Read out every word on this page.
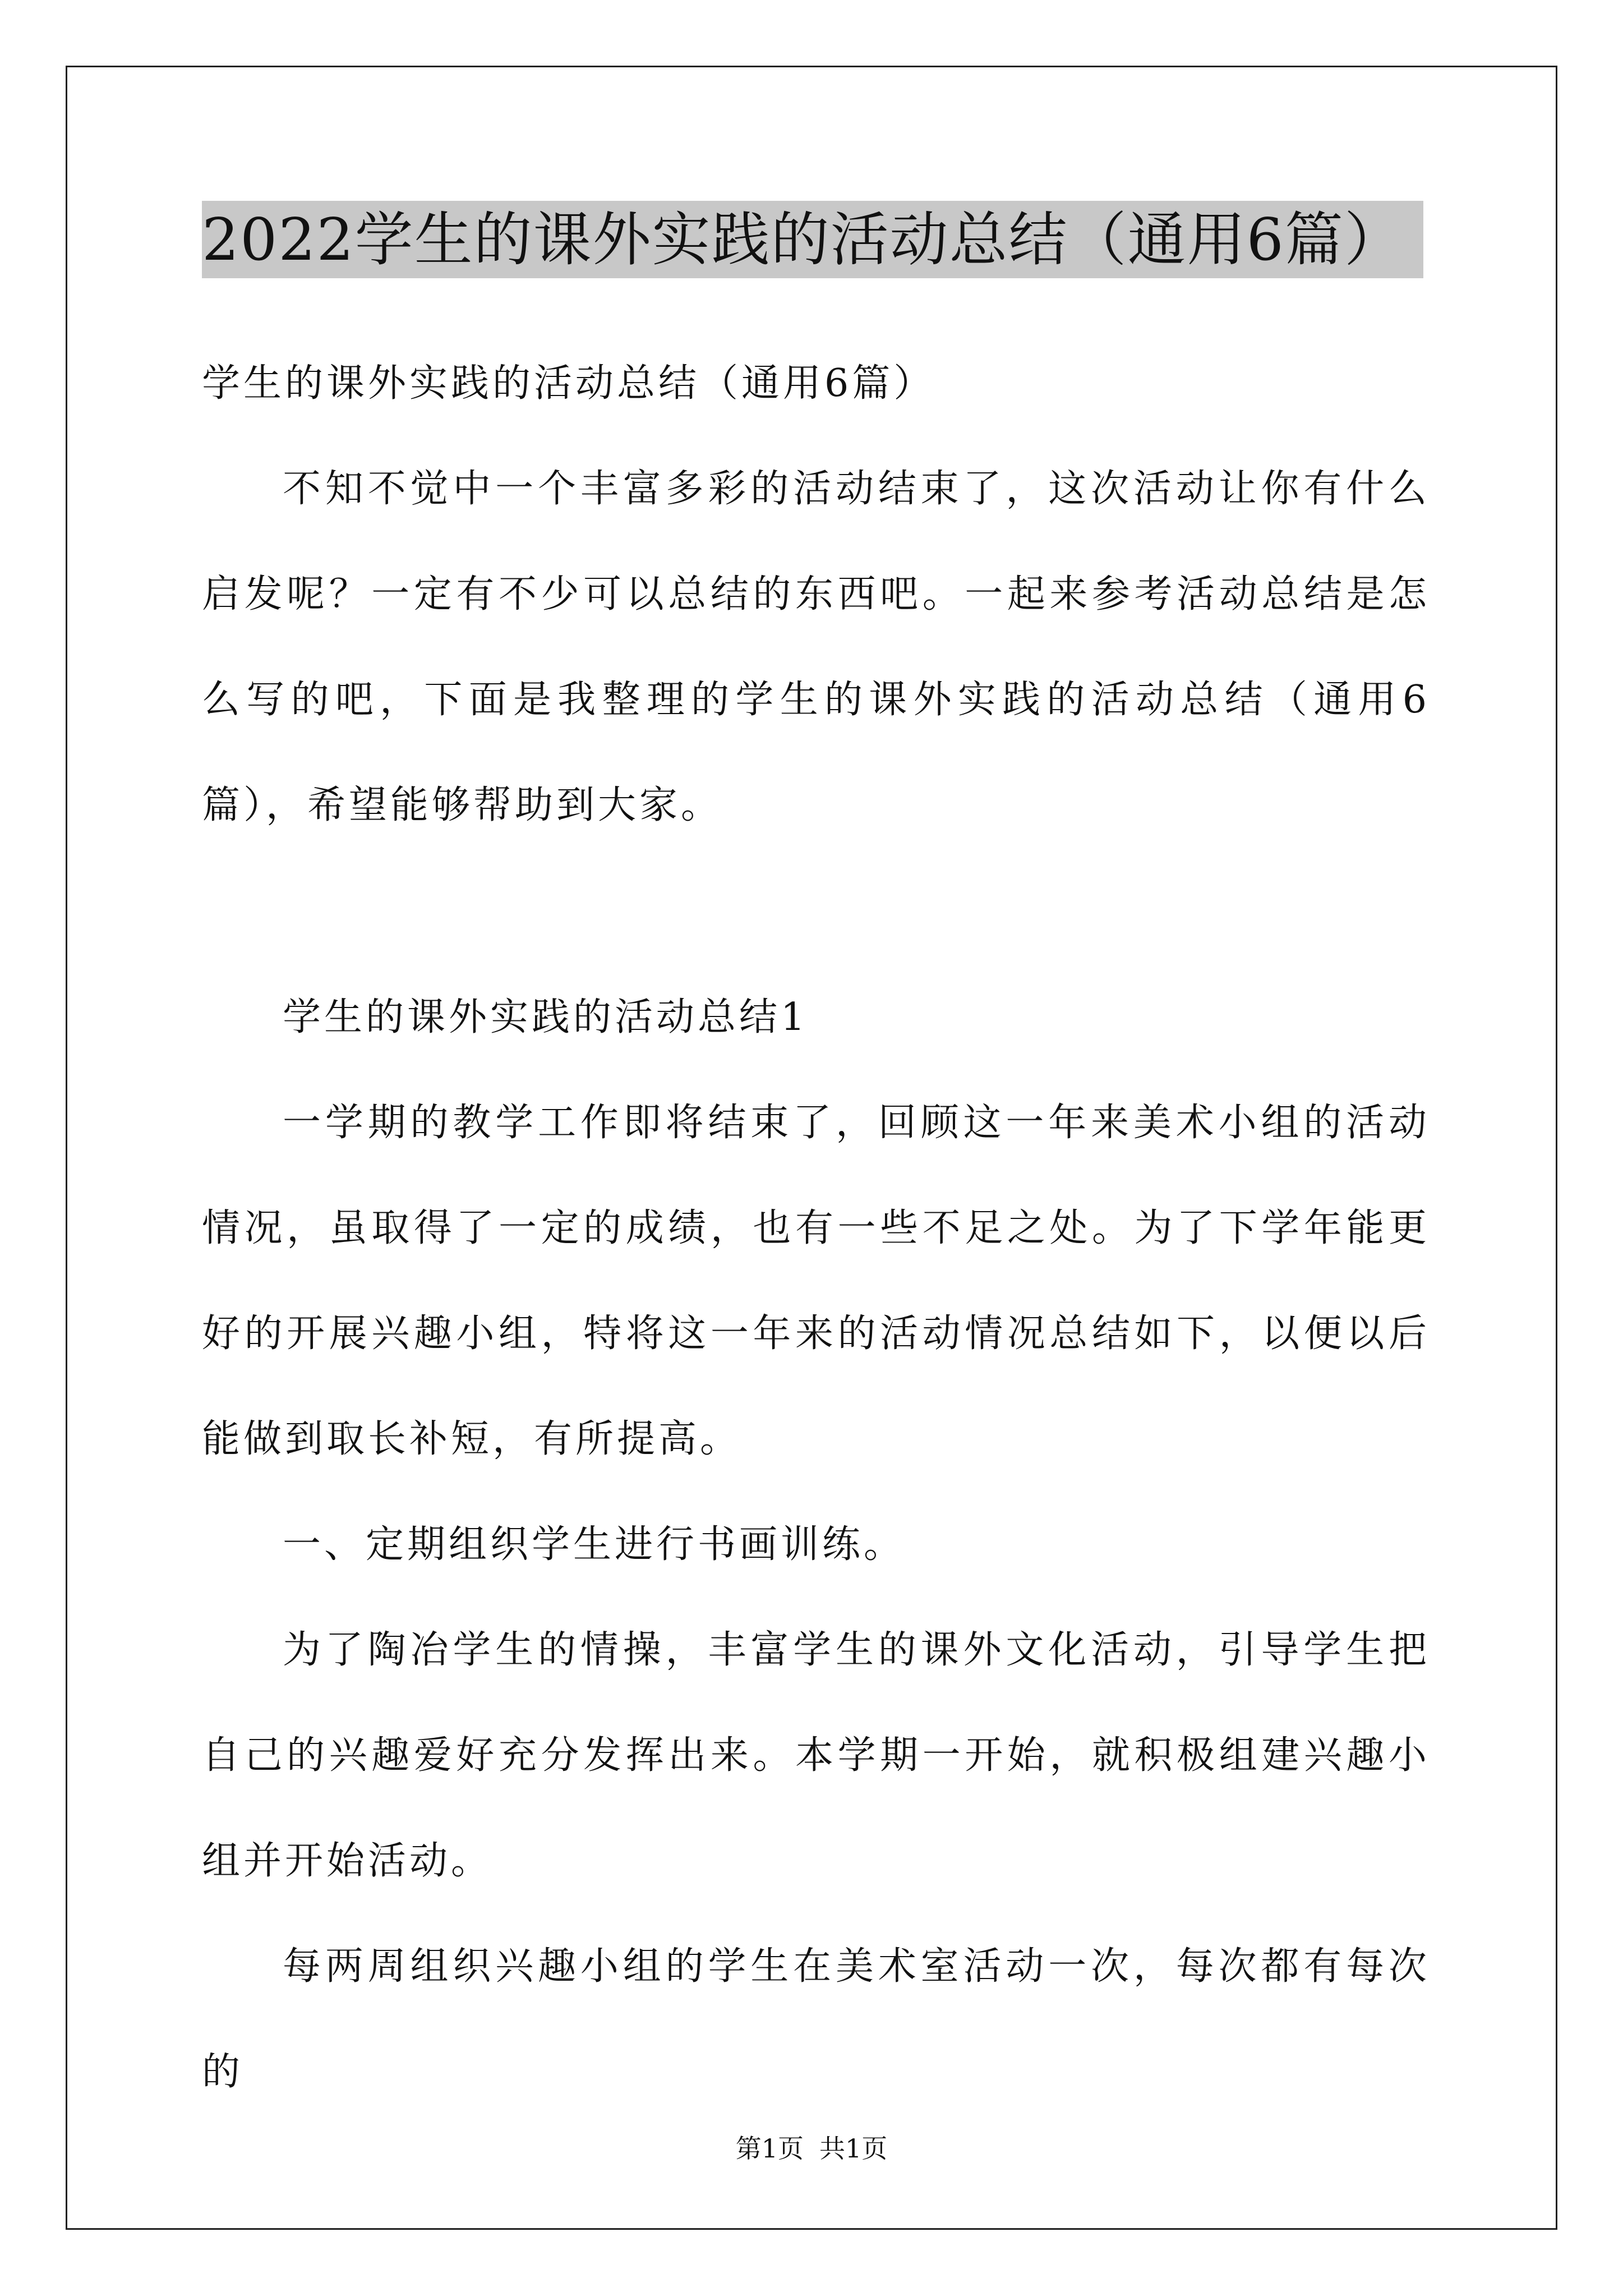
2022学生的课外实践的活动总结（通用6篇）

学生的课外实践的活动总结（通用6篇）

不知不觉中一个丰富多彩的活动结束了，这次活动让你有什么启发呢？一定有不少可以总结的东西吧。一起来参考活动总结是怎么写的吧，下面是我整理的学生的课外实践的活动总结（通用6篇），希望能够帮助到大家。

学生的课外实践的活动总结1

一学期的教学工作即将结束了，回顾这一年来美术小组的活动情况，虽取得了一定的成绩，也有一些不足之处。为了下学年能更好的开展兴趣小组，特将这一年来的活动情况总结如下，以便以后能做到取长补短，有所提高。

一、定期组织学生进行书画训练。

为了陶冶学生的情操，丰富学生的课外文化活动，引导学生把自己的兴趣爱好充分发挥出来。本学期一开始，就积极组建兴趣小组并开始活动。

每两周组织兴趣小组的学生在美术室活动一次，每次都有每次的

第1页 共1页
